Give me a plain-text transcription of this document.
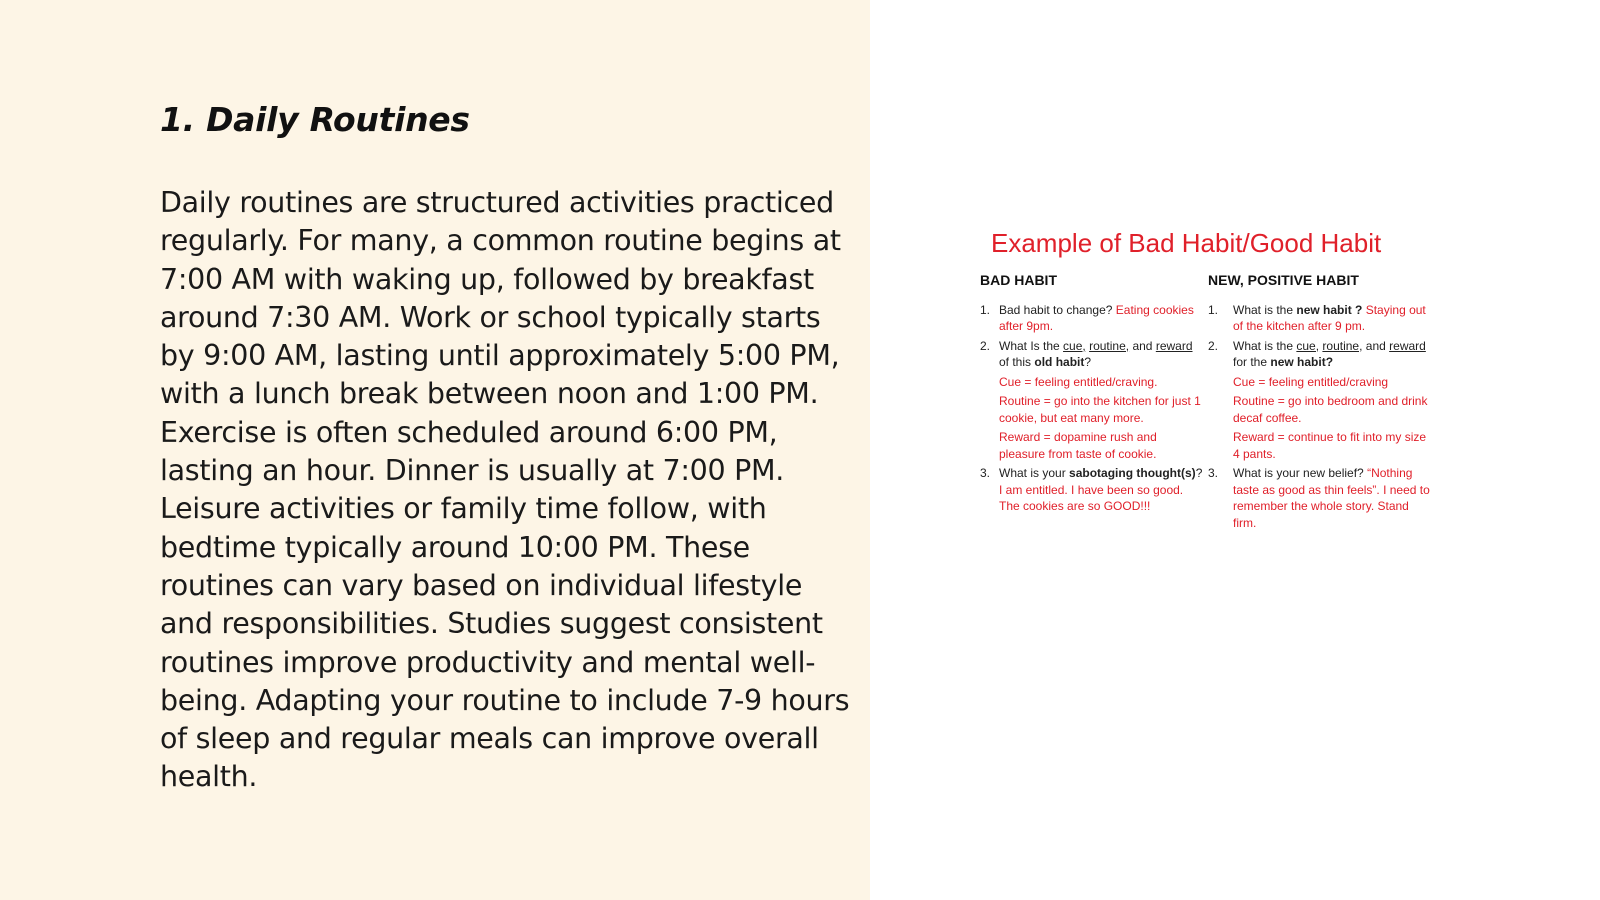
1. Daily Routines

Daily routines are structured activities practiced regularly. For many, a common routine begins at 7:00 AM with waking up, followed by breakfast around 7:30 AM. Work or school typically starts by 9:00 AM, lasting until approximately 5:00 PM, with a lunch break between noon and 1:00 PM. Exercise is often scheduled around 6:00 PM, lasting an hour. Dinner is usually at 7:00 PM. Leisure activities or family time follow, with bedtime typically around 10:00 PM. These routines can vary based on individual lifestyle and responsibilities. Studies suggest consistent routines improve productivity and mental well-being. Adapting your routine to include 7-9 hours of sleep and regular meals can improve overall health.

Example of Bad Habit/Good Habit
BAD HABIT
1. Bad habit to change? Eating cookies after 9pm.
2. What Is the cue, routine, and reward of this old habit?
Cue = feeling entitled/craving.
Routine = go into the kitchen for just 1 cookie, but eat many more.
Reward = dopamine rush and pleasure from taste of cookie.
3. What is your sabotaging thought(s)? I am entitled. I have been so good. The cookies are so GOOD!!!
NEW, POSITIVE HABIT
1. What is the new habit ? Staying out of the kitchen after 9 pm.
2. What is the cue, routine, and reward for the new habit?
Cue = feeling entitled/craving
Routine = go into bedroom and drink decaf coffee.
Reward = continue to fit into my size 4 pants.
3. What is your new belief? “Nothing taste as good as thin feels”. I need to remember the whole story. Stand firm.
